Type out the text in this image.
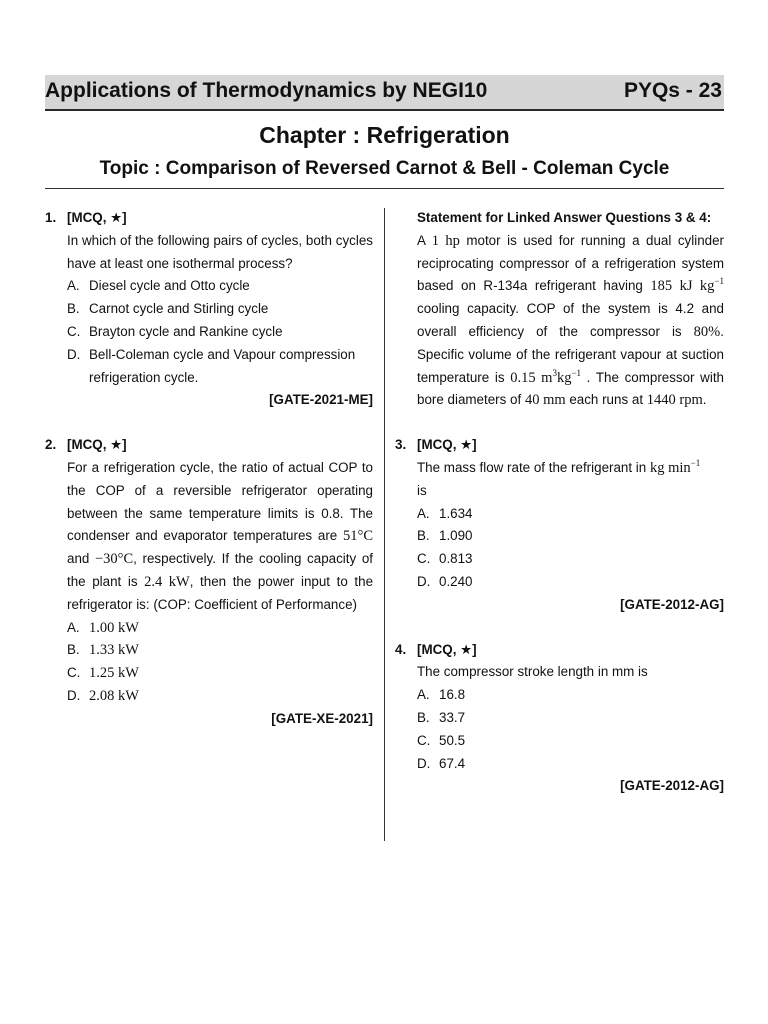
Applications of Thermodynamics by NEGI10	PYQs - 23
Chapter : Refrigeration
Topic : Comparison of Reversed Carnot & Bell - Coleman Cycle
1. [MCQ, ★]
In which of the following pairs of cycles, both cycles have at least one isothermal process?
A. Diesel cycle and Otto cycle
B. Carnot cycle and Stirling cycle
C. Brayton cycle and Rankine cycle
D. Bell-Coleman cycle and Vapour compression refrigeration cycle.
[GATE-2021-ME]
2. [MCQ, ★]
For a refrigeration cycle, the ratio of actual COP to the COP of a reversible refrigerator operating between the same temperature limits is 0.8. The condenser and evaporator temperatures are 51°C and −30°C, respectively. If the cooling capacity of the plant is 2.4 kW, then the power input to the refrigerator is: (COP: Coefficient of Performance)
A. 1.00 kW
B. 1.33 kW
C. 1.25 kW
D. 2.08 kW
[GATE-XE-2021]
Statement for Linked Answer Questions 3 & 4:
A 1 hp motor is used for running a dual cylinder reciprocating compressor of a refrigeration system based on R-134a refrigerant having 185 kJ $kg^{-1}$ cooling capacity. COP of the system is 4.2 and overall efficiency of the compressor is 80%. Specific volume of the refrigerant vapour at suction temperature is 0.15 $m^3kg^{-1}$ . The compressor with bore diameters of 40 mm each runs at 1440 rpm.
3. [MCQ, ★]
The mass flow rate of the refrigerant in kg $\min^{-1}$
is
A. 1.634
B. 1.090
C. 0.813
D. 0.240
[GATE-2012-AG]
4. [MCQ, ★]
The compressor stroke length in mm is
A. 16.8
B. 33.7
C. 50.5
D. 67.4
[GATE-2012-AG]
